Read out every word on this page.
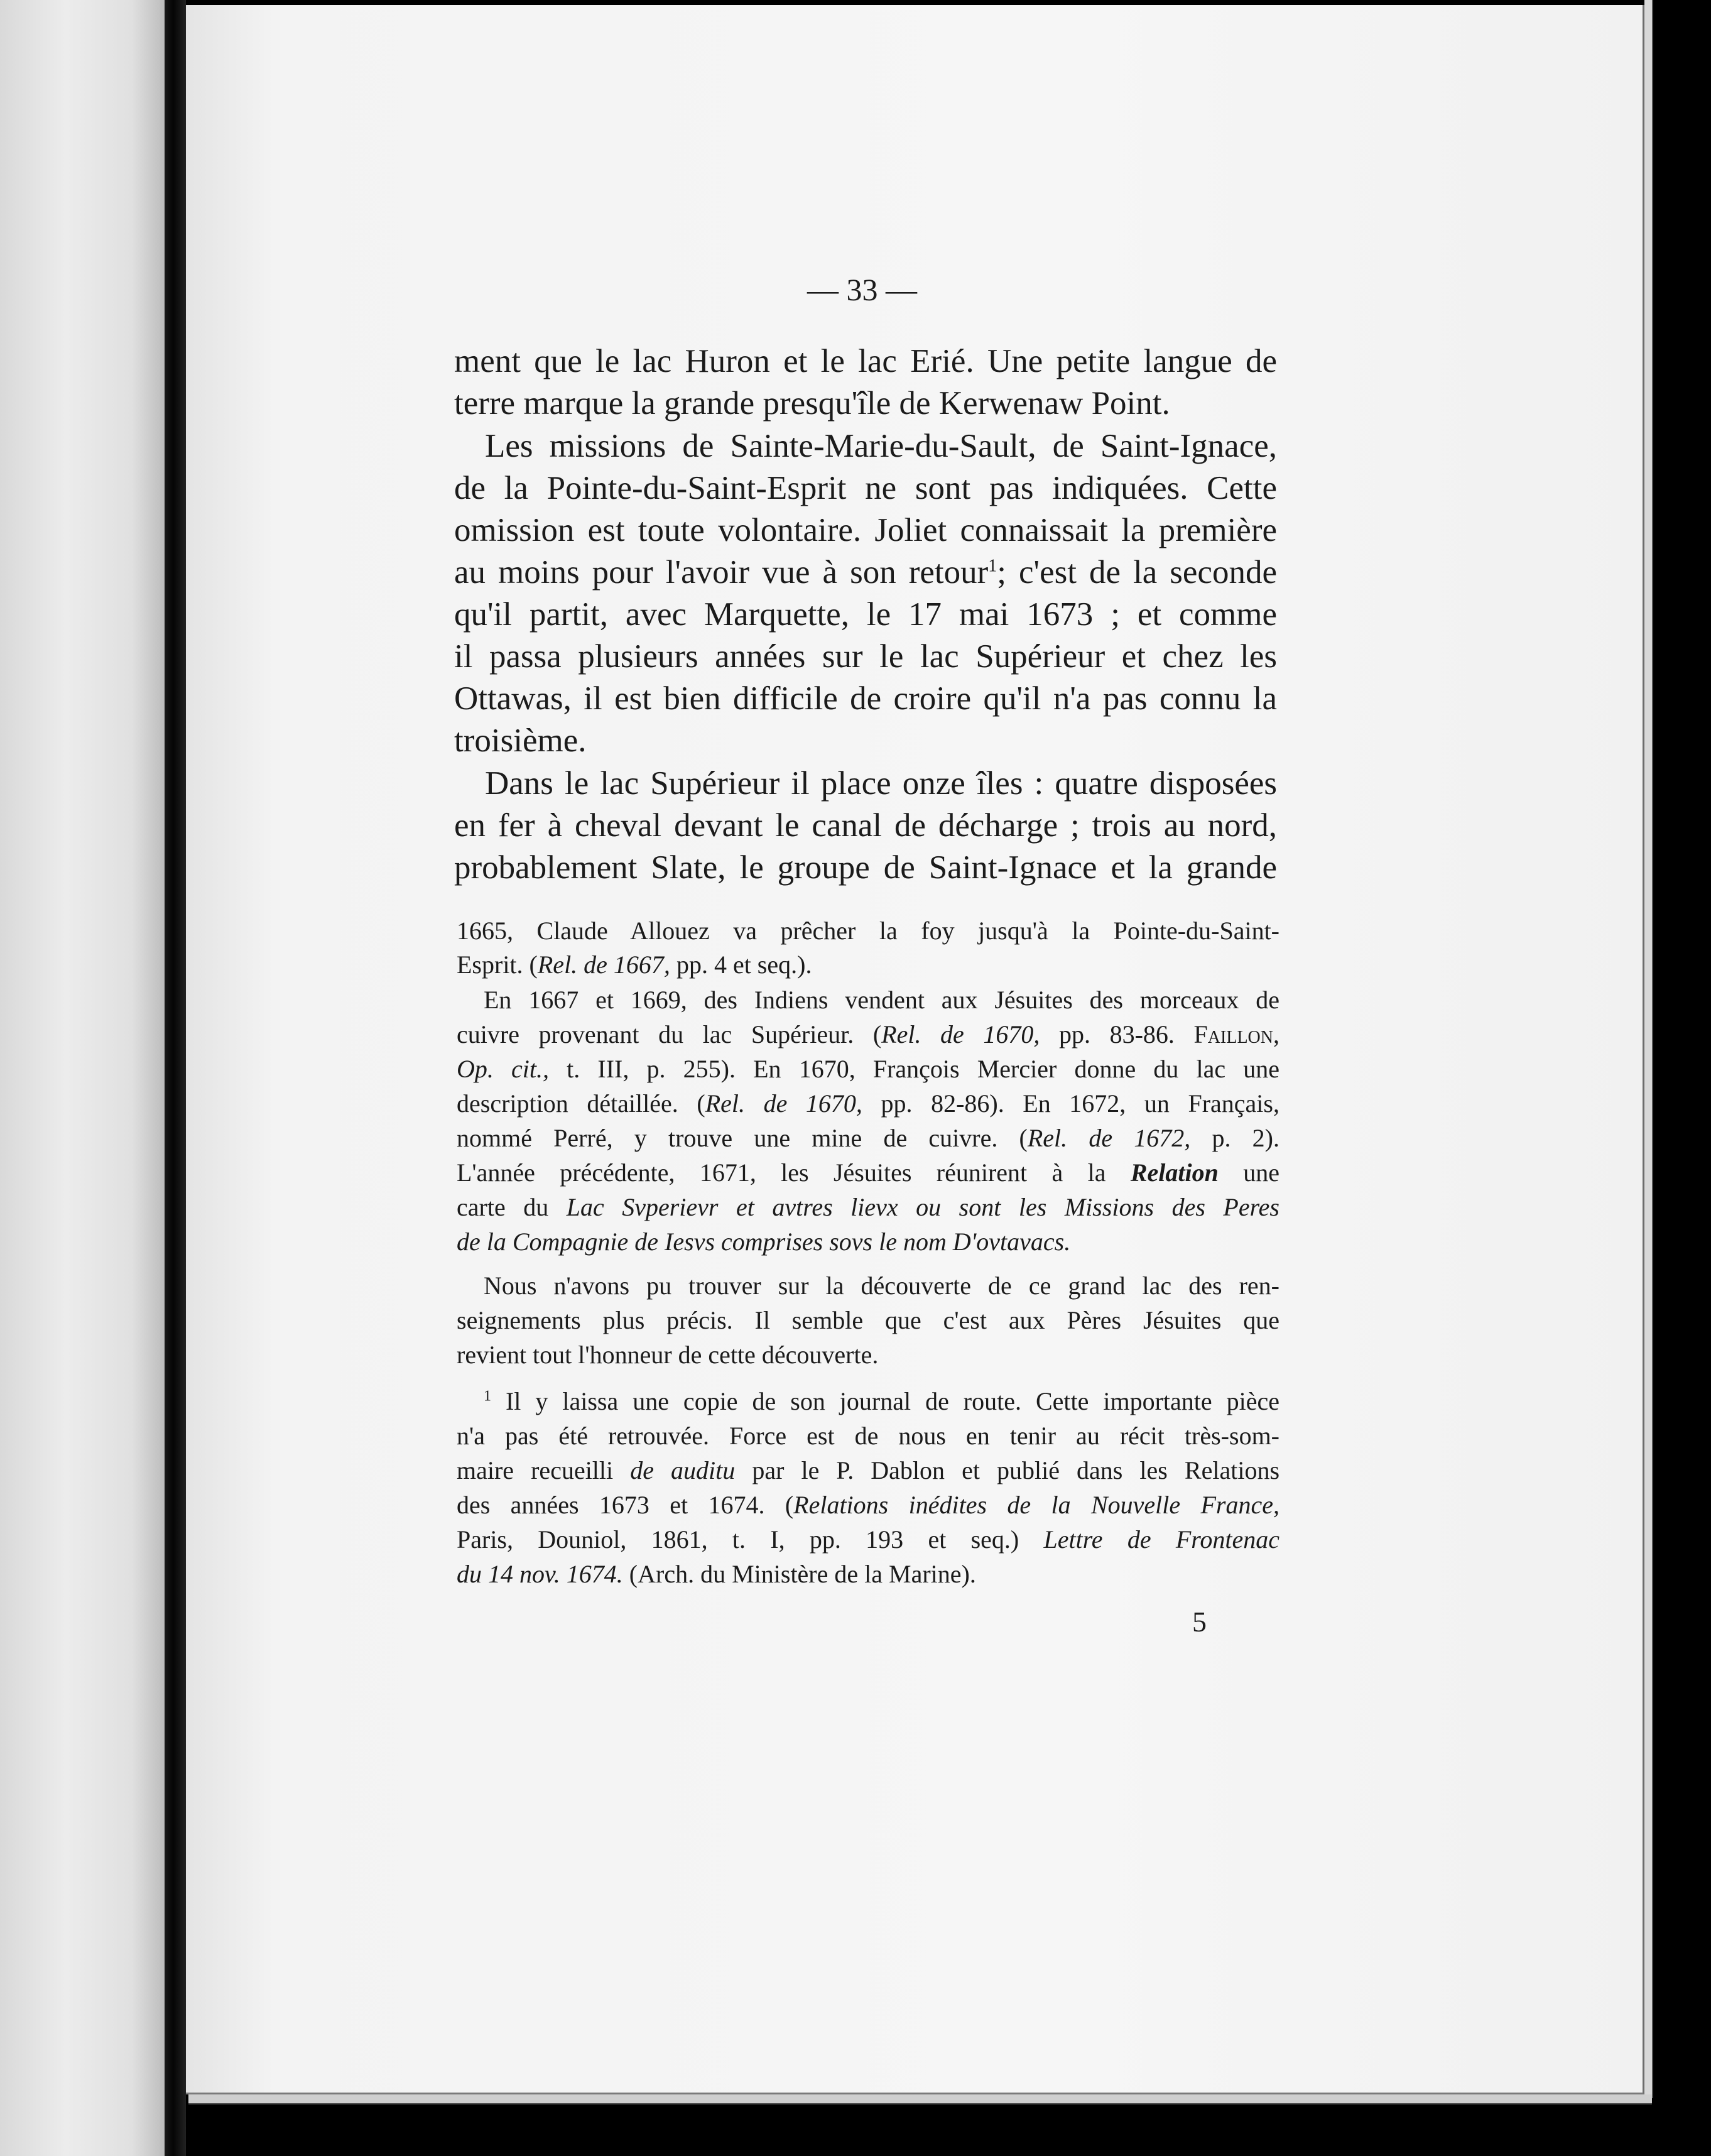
— 33 —
ment que le lac Huron et le lac Erié. Une petite langue de
terre marque la grande presqu'île de Kerwenaw Point.
Les missions de Sainte-Marie-du-Sault, de Saint-Ignace,
de la Pointe-du-Saint-Esprit ne sont pas indiquées. Cette
omission est toute volontaire. Joliet connaissait la première
au moins pour l'avoir vue à son retour$^1$; c'est de la seconde
qu'il partit, avec Marquette, le 17 mai 1673 ; et comme
il passa plusieurs années sur le lac Supérieur et chez les
Ottawas, il est bien difficile de croire qu'il n'a pas connu la
troisième.
Dans le lac Supérieur il place onze îles : quatre disposées
en fer à cheval devant le canal de décharge ; trois au nord,
probablement Slate, le groupe de Saint-Ignace et la grande
1665, Claude Allouez va prêcher la foy jusqu'à la Pointe-du-Saint-
Esprit. (Rel. de 1667, pp. 4 et seq.).
En 1667 et 1669, des Indiens vendent aux Jésuites des morceaux de
cuivre provenant du lac Supérieur. (Rel. de 1670, pp. 83-86. Faillon,
Op. cit., t. III, p. 255). En 1670, François Mercier donne du lac une
description détaillée. (Rel. de 1670, pp. 82-86). En 1672, un Français,
nommé Perré, y trouve une mine de cuivre. (Rel. de 1672, p. 2).
L'année précédente, 1671, les Jésuites réunirent à la Relation une
carte du Lac Svperievr et avtres lievx ou sont les Missions des Peres
de la Compagnie de Iesvs comprises sovs le nom D'ovtavacs.
Nous n'avons pu trouver sur la découverte de ce grand lac des ren-
seignements plus précis. Il semble que c'est aux Pères Jésuites que
revient tout l'honneur de cette découverte.
$^1$ Il y laissa une copie de son journal de route. Cette importante pièce
n'a pas été retrouvée. Force est de nous en tenir au récit très-som-
maire recueilli de auditu par le P. Dablon et publié dans les Relations
des années 1673 et 1674. (Relations inédites de la Nouvelle France,
Paris, Douniol, 1861, t. I, pp. 193 et seq.) Lettre de Frontenac
du 14 nov. 1674. (Arch. du Ministère de la Marine).
5
